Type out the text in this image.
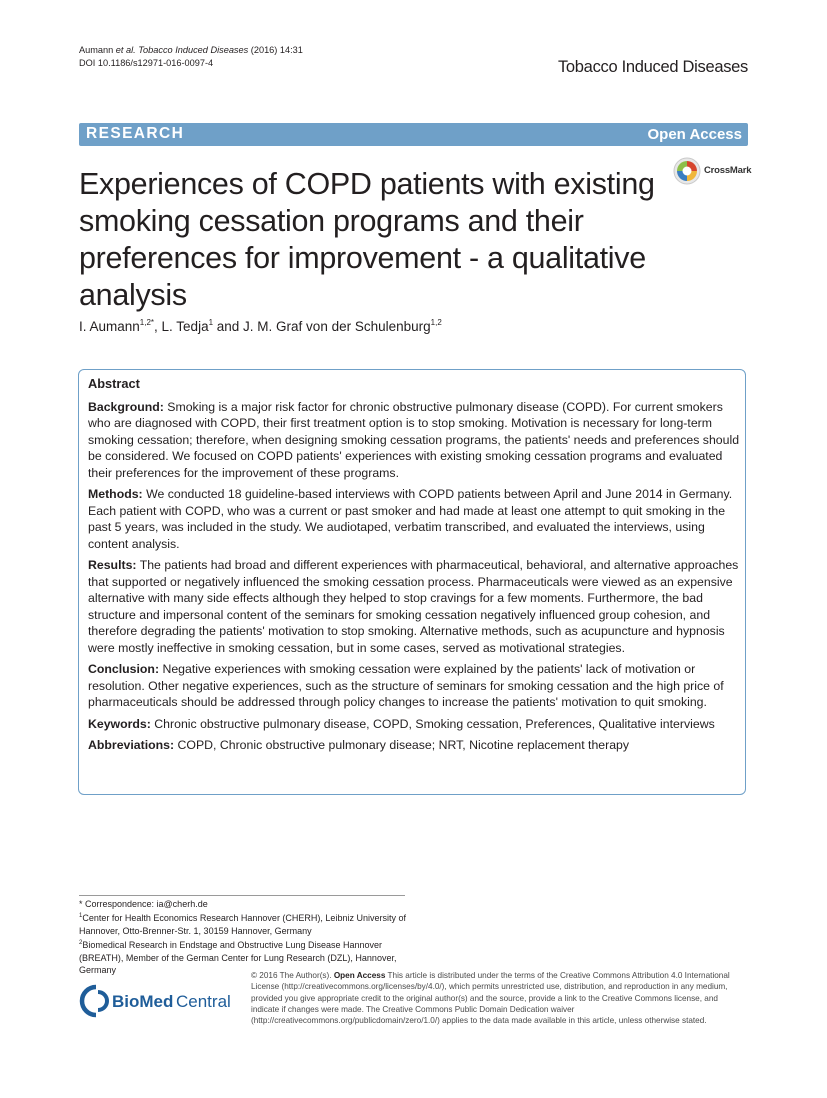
Aumann et al. Tobacco Induced Diseases (2016) 14:31
DOI 10.1186/s12971-016-0097-4	Tobacco Induced Diseases
RESEARCH	Open Access
Experiences of COPD patients with existing smoking cessation programs and their preferences for improvement - a qualitative analysis
CrossMark
I. Aumann$^{1,2*}$, L. Tedja$^1$ and J. M. Graf von der Schulenburg$^{1,2}$
Abstract

Background: Smoking is a major risk factor for chronic obstructive pulmonary disease (COPD). For current smokers who are diagnosed with COPD, their first treatment option is to stop smoking. Motivation is necessary for long-term smoking cessation; therefore, when designing smoking cessation programs, the patients' needs and preferences should be considered. We focused on COPD patients' experiences with existing smoking cessation programs and evaluated their preferences for the improvement of these programs.

Methods: We conducted 18 guideline-based interviews with COPD patients between April and June 2014 in Germany. Each patient with COPD, who was a current or past smoker and had made at least one attempt to quit smoking in the past 5 years, was included in the study. We audiotaped, verbatim transcribed, and evaluated the interviews, using content analysis.

Results: The patients had broad and different experiences with pharmaceutical, behavioral, and alternative approaches that supported or negatively influenced the smoking cessation process. Pharmaceuticals were viewed as an expensive alternative with many side effects although they helped to stop cravings for a few moments. Furthermore, the bad structure and impersonal content of the seminars for smoking cessation negatively influenced group cohesion, and therefore degrading the patients' motivation to stop smoking. Alternative methods, such as acupuncture and hypnosis were mostly ineffective in smoking cessation, but in some cases, served as motivational strategies.

Conclusion: Negative experiences with smoking cessation were explained by the patients' lack of motivation or resolution. Other negative experiences, such as the structure of seminars for smoking cessation and the high price of pharmaceuticals should be addressed through policy changes to increase the patients' motivation to quit smoking.

Keywords: Chronic obstructive pulmonary disease, COPD, Smoking cessation, Preferences, Qualitative interviews

Abbreviations: COPD, Chronic obstructive pulmonary disease; NRT, Nicotine replacement therapy

* Correspondence: ia@cherh.de
$^1$Center for Health Economics Research Hannover (CHERH), Leibniz University of Hannover, Otto-Brenner-Str. 1, 30159 Hannover, Germany
$^2$Biomedical Research in Endstage and Obstructive Lung Disease Hannover (BREATH), Member of the German Center for Lung Research (DZL), Hannover, Germany
BioMed Central
© 2016 The Author(s). Open Access This article is distributed under the terms of the Creative Commons Attribution 4.0 International License (http://creativecommons.org/licenses/by/4.0/), which permits unrestricted use, distribution, and reproduction in any medium, provided you give appropriate credit to the original author(s) and the source, provide a link to the Creative Commons license, and indicate if changes were made. The Creative Commons Public Domain Dedication waiver (http://creativecommons.org/publicdomain/zero/1.0/) applies to the data made available in this article, unless otherwise stated.
